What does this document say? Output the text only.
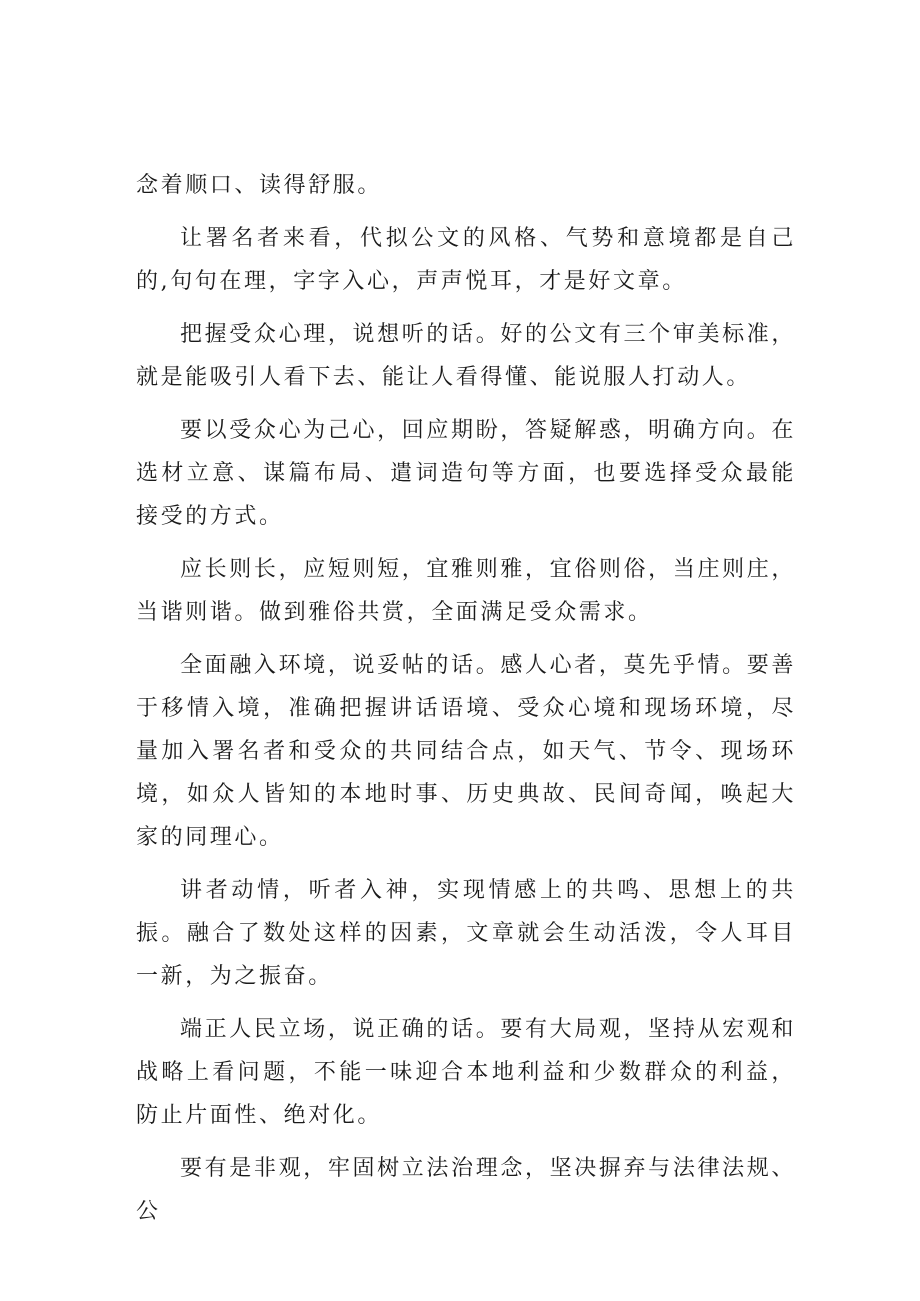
念着顺口、读得舒服。

让署名者来看，代拟公文的风格、气势和意境都是自己的,句句在理，字字入心，声声悦耳，才是好文章。

把握受众心理，说想听的话。好的公文有三个审美标准，就是能吸引人看下去、能让人看得懂、能说服人打动人。

要以受众心为己心，回应期盼，答疑解惑，明确方向。在选材立意、谋篇布局、遣词造句等方面，也要选择受众最能接受的方式。

应长则长，应短则短，宜雅则雅，宜俗则俗，当庄则庄，当谐则谐。做到雅俗共赏，全面满足受众需求。

全面融入环境，说妥帖的话。感人心者，莫先乎情。要善于移情入境，准确把握讲话语境、受众心境和现场环境，尽量加入署名者和受众的共同结合点，如天气、节令、现场环境，如众人皆知的本地时事、历史典故、民间奇闻，唤起大家的同理心。

讲者动情，听者入神，实现情感上的共鸣、思想上的共振。融合了数处这样的因素，文章就会生动活泼，令人耳目一新，为之振奋。

端正人民立场，说正确的话。要有大局观，坚持从宏观和战略上看问题，不能一味迎合本地利益和少数群众的利益，防止片面性、绝对化。

要有是非观，牢固树立法治理念，坚决摒弃与法律法规、公
